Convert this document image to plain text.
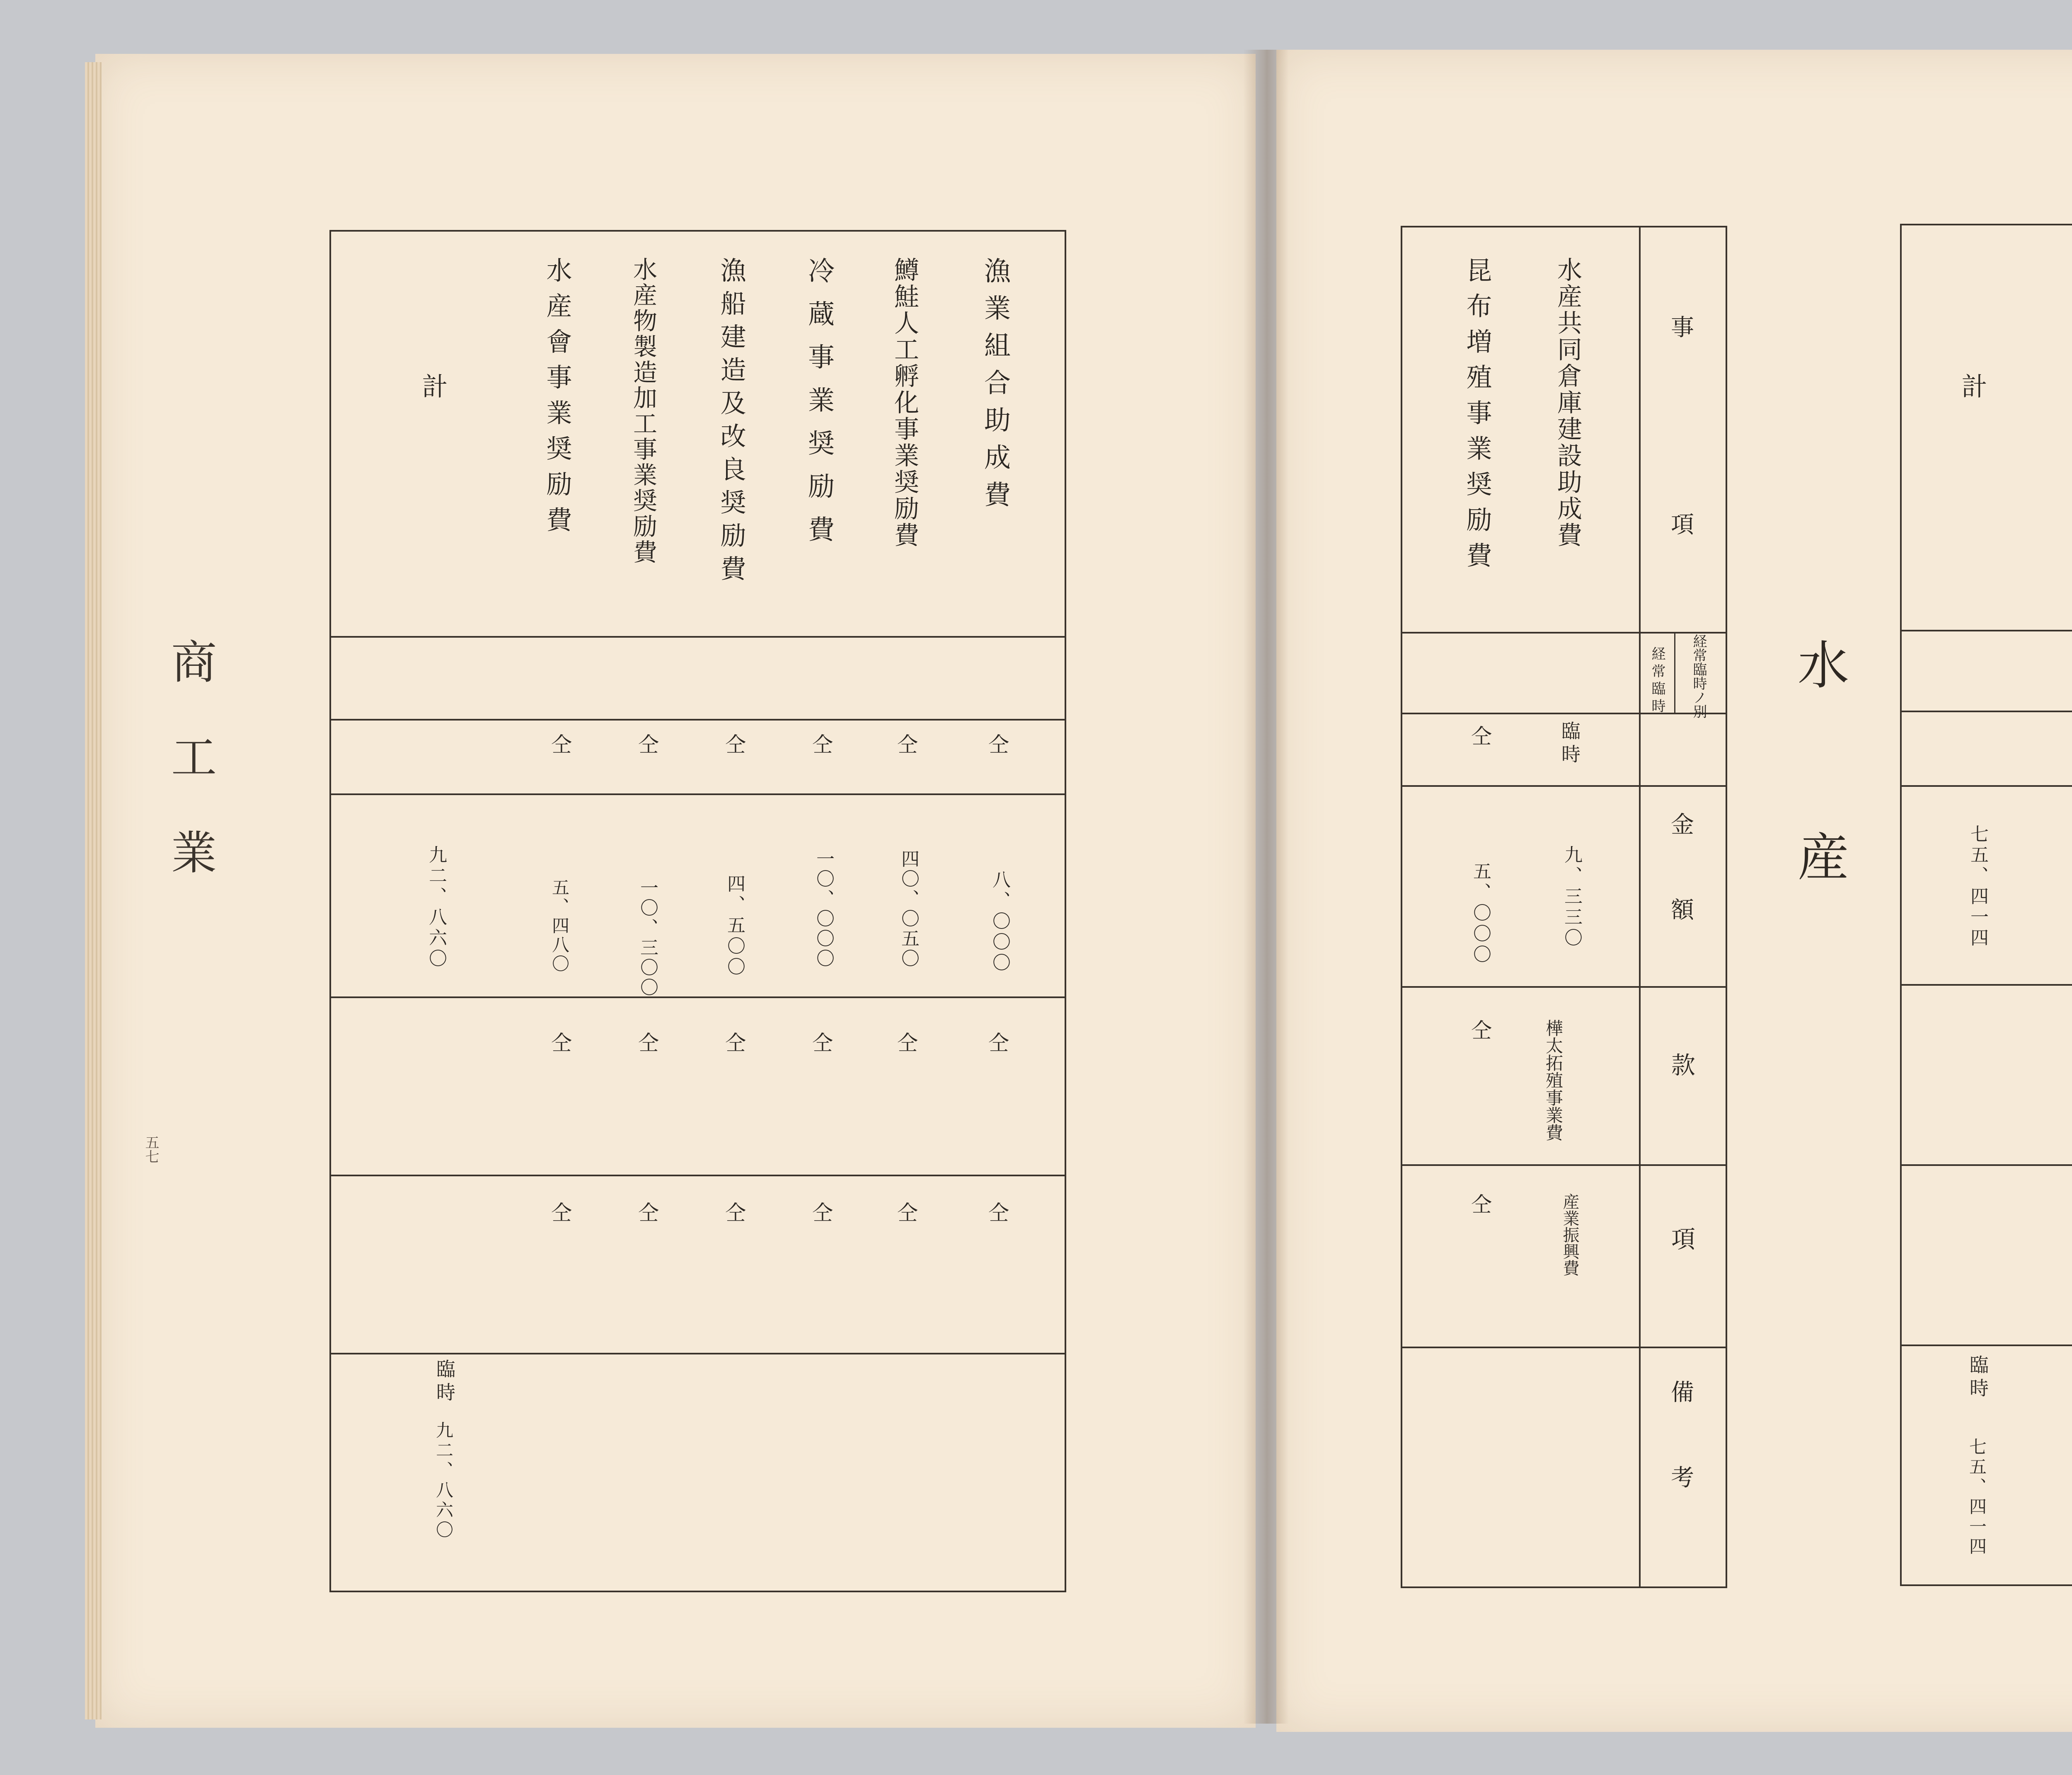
商工業
五七
漁業組合助成費
仝
八、〇〇〇
仝
仝
鱒鮭人工孵化事業奨励費
仝
四〇、〇五〇
仝
仝
冷蔵事業奨励費
仝
一〇、〇〇〇
仝
仝
漁船建造及改良奨励費
仝
四、五〇〇
仝
仝
水産物製造加工事業奨励費
仝
一〇、三〇〇
仝
仝
水産會事業奨励費
仝
五、四八〇
仝
仝
計
九二、八六〇
臨時
九二、八六〇
計
七五、四一四
臨時
七五、四一四
水産
事項
経常臨時ノ別
経常臨時
金額
款
項
備考
水産共同倉庫建設助成費
臨時
九、三三〇
樺太拓殖事業費
産業振興費
昆布増殖事業奨励費
仝
五、〇〇〇
仝
仝
